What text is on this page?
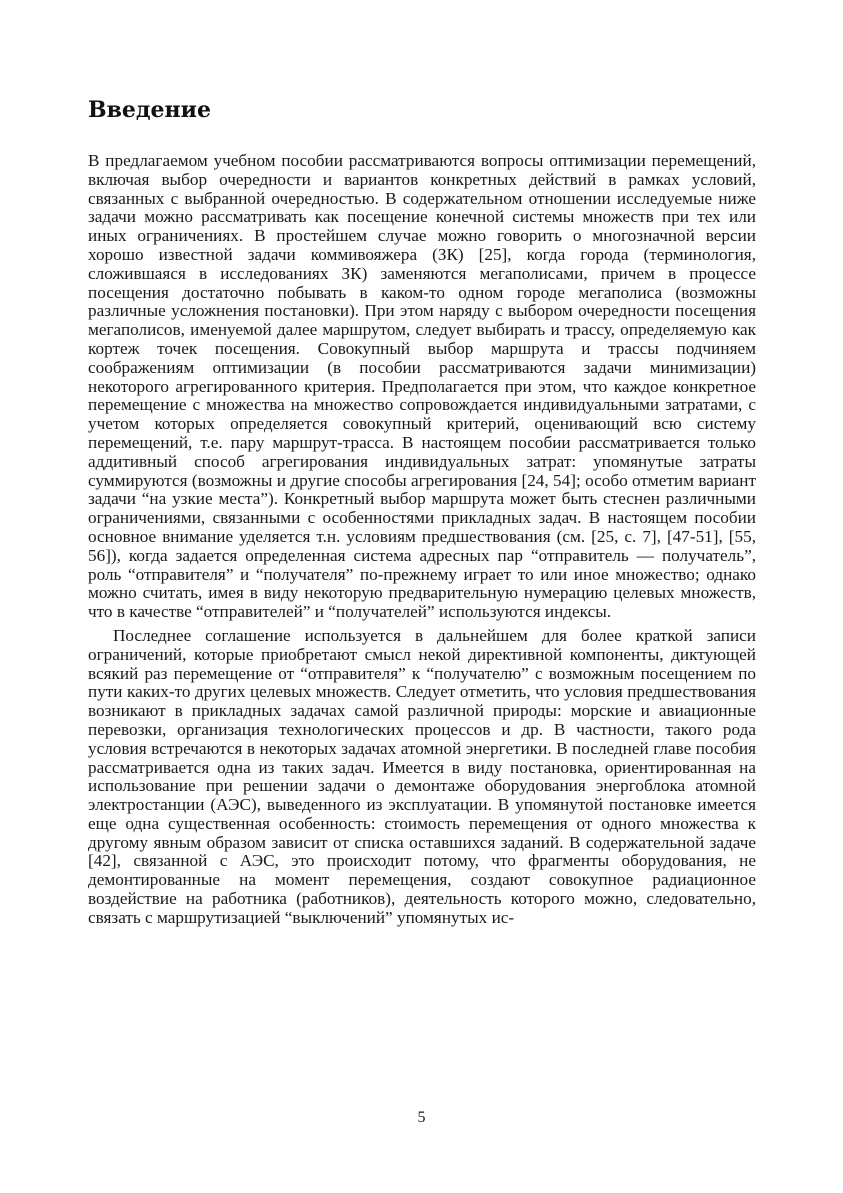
Введение

В предлагаемом учебном пособии рассматриваются вопросы оптимизации перемещений, включая выбор очередности и вариантов конкретных действий в рамках условий, связанных с выбранной очередностью. В содержательном отношении исследуемые ниже задачи можно рассматривать как посещение конечной системы множеств при тех или иных ограничениях. В простейшем случае можно говорить о многозначной версии хорошо известной задачи коммивояжера (ЗК) [25], когда города (терминология, сложившаяся в исследованиях ЗК) заменяются мегаполисами, причем в процессе посещения достаточно побывать в каком-то одном городе мегаполиса (возможны различные усложнения постановки). При этом наряду с выбором очередности посещения мегаполисов, именуемой далее маршрутом, следует выбирать и трассу, определяемую как кортеж точек посещения. Совокупный выбор маршрута и трассы подчиняем соображениям оптимизации (в пособии рассматриваются задачи минимизации) некоторого агрегированного критерия. Предполагается при этом, что каждое конкретное перемещение с множества на множество сопровождается индивидуальными затратами, с учетом которых определяется совокупный критерий, оценивающий всю систему перемещений, т.е. пару маршрут-трасса. В настоящем пособии рассматривается только аддитивный способ агрегирования индивидуальных затрат: упомянутые затраты суммируются (возможны и другие способы агрегирования [24, 54]; особо отметим вариант задачи “на узкие места”). Конкретный выбор маршрута может быть стеснен различными ограничениями, связанными с особенностями прикладных задач. В настоящем пособии основное внимание уделяется т.н. условиям предшествования (см. [25, с. 7], [47-51], [55, 56]), когда задается определенная система адресных пар “отправитель — получатель”, роль “отправителя” и “получателя” по-прежнему играет то или иное множество; однако можно считать, имея в виду некоторую предварительную нумерацию целевых множеств, что в качестве “отправителей” и “получателей” используются индексы.

Последнее соглашение используется в дальнейшем для более краткой записи ограничений, которые приобретают смысл некой директивной компоненты, диктующей всякий раз перемещение от “отправителя” к “получателю” с возможным посещением по пути каких-то других целевых множеств. Следует отметить, что условия предшествования возникают в прикладных задачах самой различной природы: морские и авиационные перевозки, организация технологических процессов и др. В частности, такого рода условия встречаются в некоторых задачах атомной энергетики. В последней главе пособия рассматривается одна из таких задач. Имеется в виду постановка, ориентированная на использование при решении задачи о демонтаже оборудования энергоблока атомной электростанции (АЭС), выведенного из эксплуатации. В упомянутой постановке имеется еще одна существенная особенность: стоимость перемещения от одного множества к другому явным образом зависит от списка оставшихся заданий. В содержательной задаче [42], связанной с АЭС, это происходит потому, что фрагменты оборудования, не демонтированные на момент перемещения, создают совокупное радиационное воздействие на работника (работников), деятельность которого можно, следовательно, связать с маршрутизацией “выключений” упомянутых ис-

5
